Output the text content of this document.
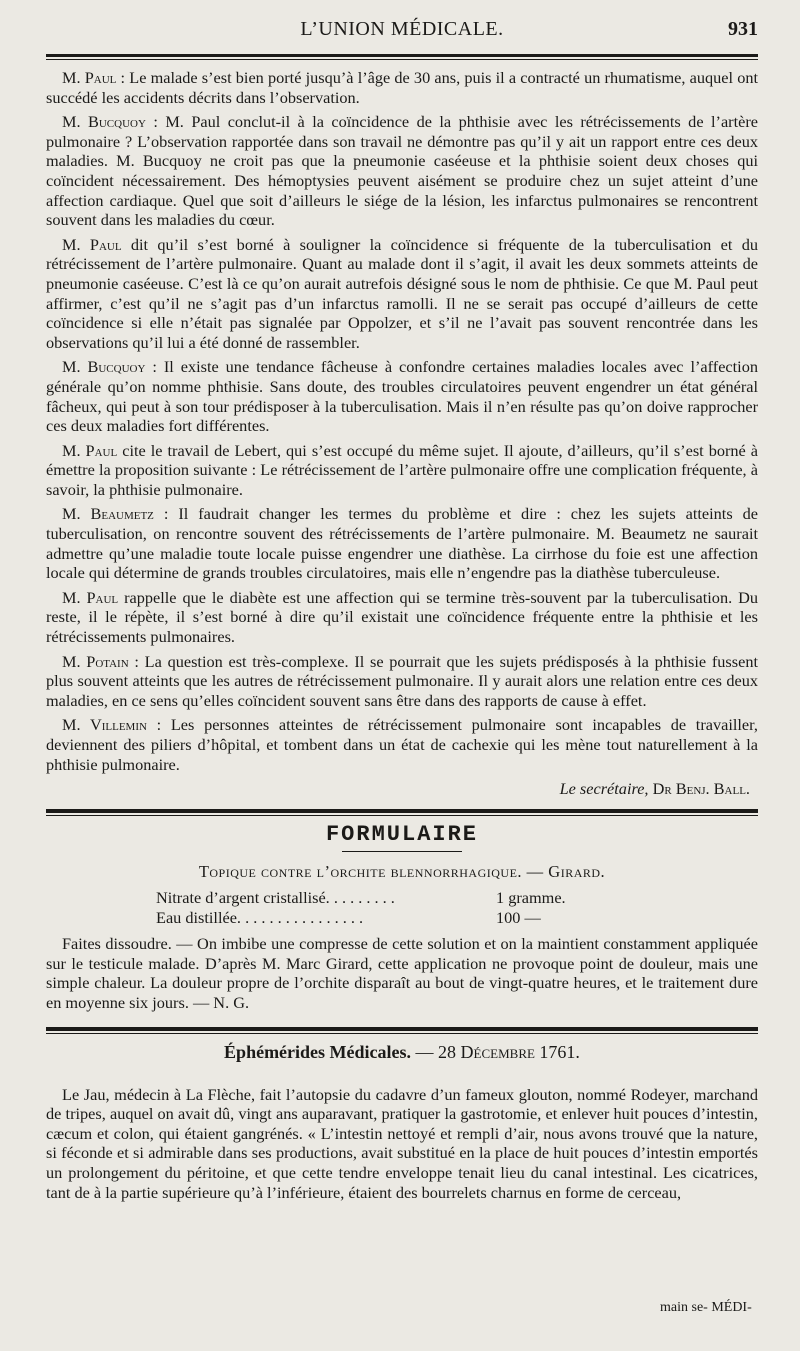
L’UNION MÉDICALE.	931

M. Paul : Le malade s’est bien porté jusqu’à l’âge de 30 ans, puis il a contracté un rhumatisme, auquel ont succédé les accidents décrits dans l’observation.

M. Bucquoy : M. Paul conclut-il à la coïncidence de la phthisie avec les rétrécissements de l’artère pulmonaire ? L’observation rapportée dans son travail ne démontre pas qu’il y ait un rapport entre ces deux maladies. M. Bucquoy ne croit pas que la pneumonie caséeuse et la phthisie soient deux choses qui coïncident nécessairement. Des hémoptysies peuvent aisément se produire chez un sujet atteint d’une affection cardiaque. Quel que soit d’ailleurs le siége de la lésion, les infarctus pulmonaires se rencontrent souvent dans les maladies du cœur.

M. Paul dit qu’il s’est borné à souligner la coïncidence si fréquente de la tuberculisation et du rétrécissement de l’artère pulmonaire. Quant au malade dont il s’agit, il avait les deux sommets atteints de pneumonie caséeuse. C’est là ce qu’on aurait autrefois désigné sous le nom de phthisie. Ce que M. Paul peut affirmer, c’est qu’il ne s’agit pas d’un infarctus ramolli. Il ne se serait pas occupé d’ailleurs de cette coïncidence si elle n’était pas signalée par Oppolzer, et s’il ne l’avait pas souvent rencontrée dans les observations qu’il lui a été donné de rassembler.

M. Bucquoy : Il existe une tendance fâcheuse à confondre certaines maladies locales avec l’affection générale qu’on nomme phthisie. Sans doute, des troubles circulatoires peuvent engendrer un état général fâcheux, qui peut à son tour prédisposer à la tuberculisation. Mais il n’en résulte pas qu’on doive rapprocher ces deux maladies fort différentes.

M. Paul cite le travail de Lebert, qui s’est occupé du même sujet. Il ajoute, d’ailleurs, qu’il s’est borné à émettre la proposition suivante : Le rétrécissement de l’artère pulmonaire offre une complication fréquente, à savoir, la phthisie pulmonaire.

M. Beaumetz : Il faudrait changer les termes du problème et dire : chez les sujets atteints de tuberculisation, on rencontre souvent des rétrécissements de l’artère pulmonaire. M. Beaumetz ne saurait admettre qu’une maladie toute locale puisse engendrer une diathèse. La cirrhose du foie est une affection locale qui détermine de grands troubles circulatoires, mais elle n’engendre pas la diathèse tuberculeuse.

M. Paul rappelle que le diabète est une affection qui se termine très-souvent par la tuberculisation. Du reste, il le répète, il s’est borné à dire qu’il existait une coïncidence fréquente entre la phthisie et les rétrécissements pulmonaires.

M. Potain : La question est très-complexe. Il se pourrait que les sujets prédisposés à la phthisie fussent plus souvent atteints que les autres de rétrécissement pulmonaire. Il y aurait alors une relation entre ces deux maladies, en ce sens qu’elles coïncident souvent sans être dans des rapports de cause à effet.

M. Villemin : Les personnes atteintes de rétrécissement pulmonaire sont incapables de travailler, deviennent des piliers d’hôpital, et tombent dans un état de cachexie qui les mène tout naturellement à la phthisie pulmonaire.

Le secrétaire, Dr Benj. Ball.
FORMULAIRE
Topique contre l’orchite blennorrhagique. — Girard.
Nitrate d’argent cristallisé. . . . . . . . .	1 gramme.
Eau distillée. . . . . . . . . . . . . . . .	100 —

Faites dissoudre. — On imbibe une compresse de cette solution et on la maintient constamment appliquée sur le testicule malade. D’après M. Marc Girard, cette application ne provoque point de douleur, mais une simple chaleur. La douleur propre de l’orchite disparaît au bout de vingt-quatre heures, et le traitement dure en moyenne six jours. — N. G.

Éphémérides Médicales. — 28 Décembre 1761.

Le Jau, médecin à La Flèche, fait l’autopsie du cadavre d’un fameux glouton, nommé Rodeyer, marchand de tripes, auquel on avait dû, vingt ans auparavant, pratiquer la gastrotomie, et enlever huit pouces d’intestin, cæcum et colon, qui étaient gangrénés. « L’intestin nettoyé et rempli d’air, nous avons trouvé que la nature, si féconde et si admirable dans ses productions, avait substitué en la place de huit pouces d’intestin emportés un prolongement du péritoine, et que cette tendre enveloppe tenait lieu du canal intestinal. Les cicatrices, tant de à la partie supérieure qu’à l’inférieure, étaient des bourrelets charnus en forme de cerceau,

main se- MÉDI-
